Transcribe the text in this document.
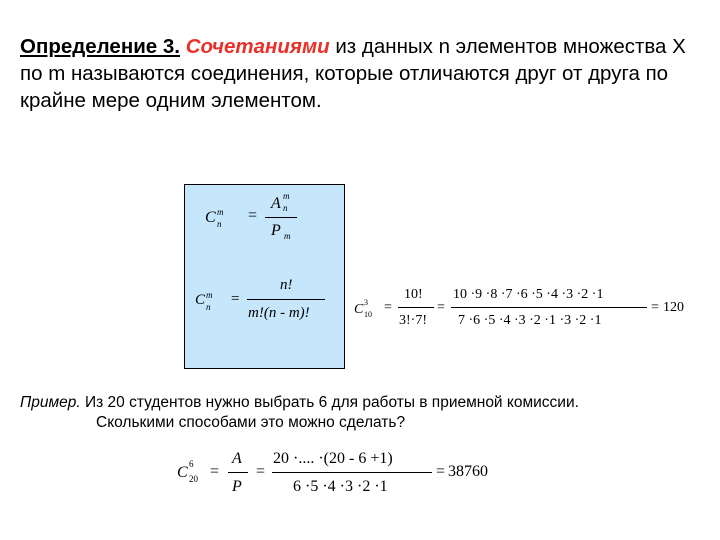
Определение 3. Сочетаниями из данных n элементов множества X по m называются соединения, которые отличаются друг от друга по крайне мере одним элементом.
C m
n =
A m
n
P m
C m
n =
n!
m!(n - m)!	C 3
10 =
10!
3!·7!
=
10 ·9 ·8 ·7 ·6 ·5 ·4 ·3 ·2 ·1
7 ·6 ·5 ·4 ·3 ·2 ·1 ·3 ·2 ·1
= 120
Пример. Из 20 студентов нужно выбрать 6 для работы в приемной комиссии.
Сколькими способами это можно сделать?
C 6
20 =
A
P
=
20 ·.... ·(20 - 6 +1)
6 ·5 ·4 ·3 ·2 ·1
= 38760
